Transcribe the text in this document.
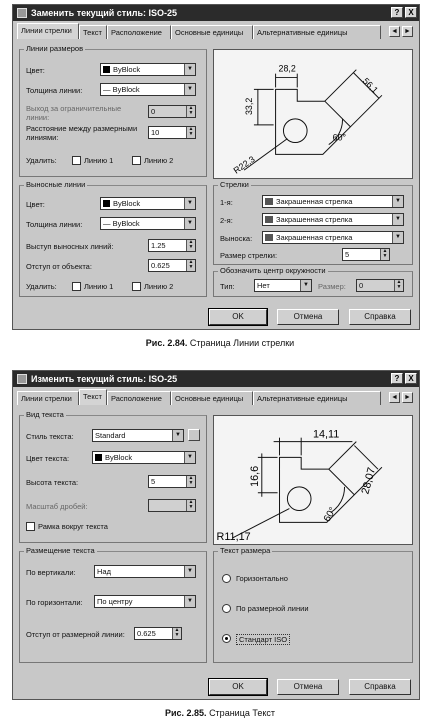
Заменить текущий стиль: ISO-25	?	X
Линии стрелки	Текст	Расположение	Основные единицы	Альтернативные единицы	◄ ►
Линии размеров
Цвет:	ByBlock	▼
Толщина линии:	— ByBlock	▼
Выход за ограничительные линии:
0	▲
▼
Расстояние между размерными линиями:
10	▲
▼
Удалить:	Линию 1	Линию 2
Выносные линии
Цвет:	ByBlock	▼
Толщина линии:	— ByBlock	▼
Выступ выносных линий:	1.25	▲
▼
Отступ от объекта:	0.625	▲
▼
Удалить:	Линию 1	Линию 2
28,2
33,2
56,1
60°
R22,3
Стрелки
1-я:	Закрашенная стрелка	▼
2-я:	Закрашенная стрелка	▼
Выноска:	Закрашенная стрелка	▼
Размер стрелки:	5	▲
▼
Обозначить центр окружности
Тип:	Нет	▼ Размер:	0	▲
▼
OK	Отмена	Справка
Рис. 2.84. Страница Линии стрелки
Изменить текущий стиль: ISO-25	?	X
Линии стрелки	Текст	Расположение	Основные единицы	Альтернативные единицы	◄ ►
Вид текста
Стиль текста:	Standard	▼
Цвет текста:	ByBlock	▼
Высота текста:	5	▲
▼
Масштаб дробей:	▲
▼
Рамка вокруг текста
Размещение текста
По вертикали:	Над	▼
По горизонтали:	По центру	▼
Отступ от размерной линии:	0.625	▲
▼
14,11
16,6	28,07
60°
R11,17
Текст размера
Горизонтально
По размерной линии
Стандарт ISO
OK	Отмена	Справка
Рис. 2.85. Страница Текст
